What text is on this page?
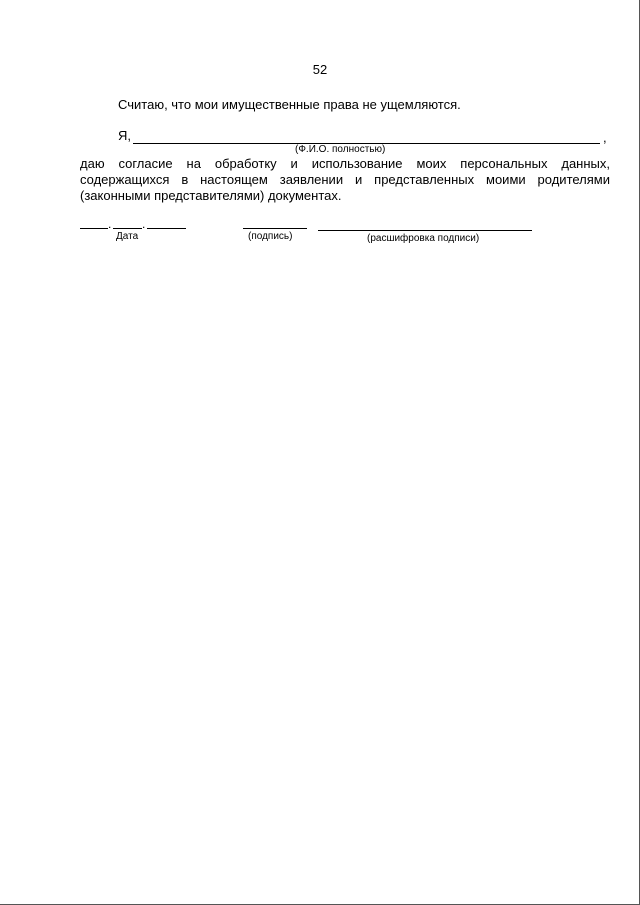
52
Считаю, что мои имущественные права не ущемляются.
Я,	,
(Ф.И.О. полностью)

даю согласие на обработку и использование моих персональных данных,

содержащихся в настоящем заявлении и представленных моими родителями

(законными представителями) документах.

.	.
Дата	(подпись)	(расшифровка подписи)
